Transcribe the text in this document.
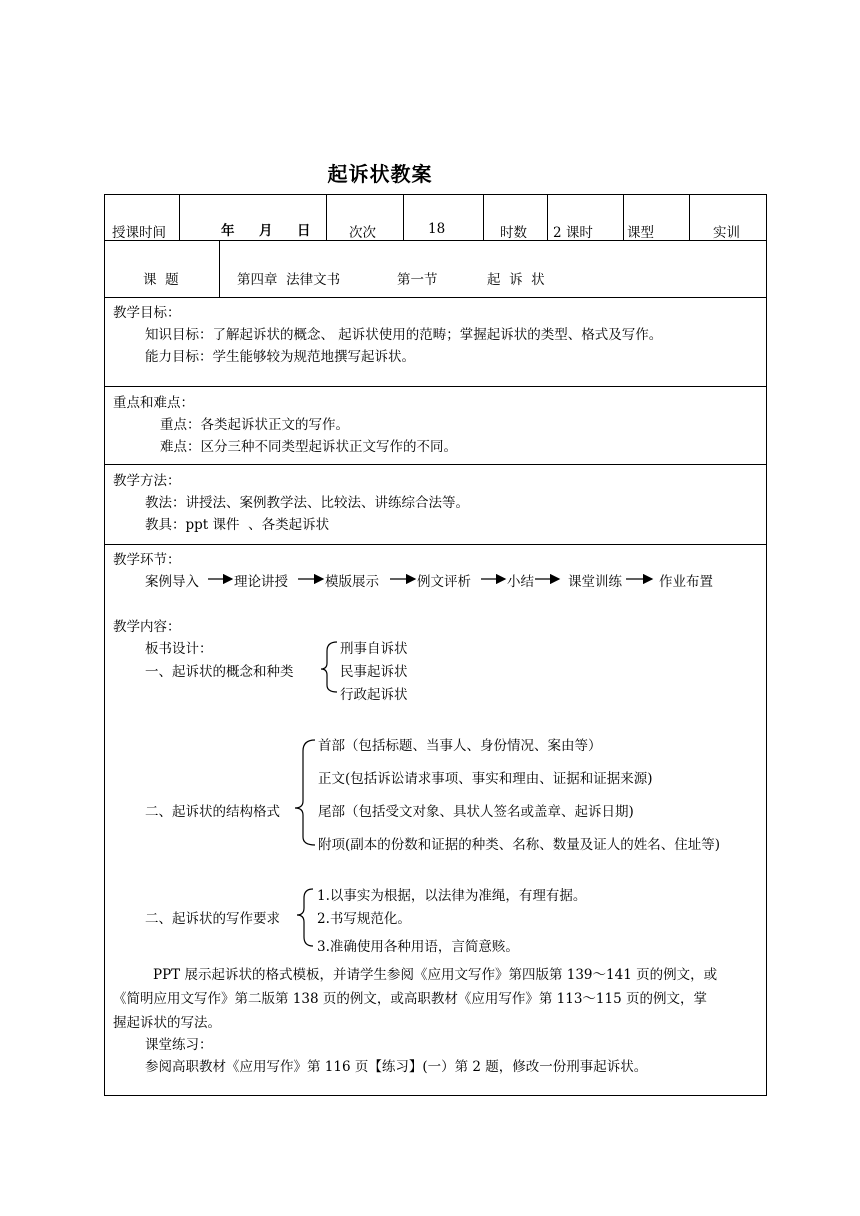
起诉状教案
授课时间	年 月 日	次次	18	时数 2 课时	课型	实训
课  题	第四章  法律文书	第一节	起  诉  状
教学目标：
知识目标：了解起诉状的概念、 起诉状使用的范畴；掌握起诉状的类型、格式及写作。
能力目标：学生能够较为规范地撰写起诉状。
重点和难点：
重点：各类起诉状正文的写作。
难点：区分三种不同类型起诉状正文写作的不同。
教学方法：
教法：讲授法、案例教学法、比较法、讲练综合法等。
教具：ppt 课件  、各类起诉状
教学环节：
案例导入	理论讲授	模版展示	例文评析	小结	课堂训练	作业布置
教学内容：
板书设计：
一、起诉状的概念和种类
刑事自诉状
民事起诉状
行政起诉状
二、起诉状的结构格式
首部（包括标题、当事人、身份情况、案由等）
正文(包括诉讼请求事项、事实和理由、证据和证据来源)
尾部（包括受文对象、具状人签名或盖章、起诉日期)
附项(副本的份数和证据的种类、名称、数量及证人的姓名、住址等)
二、起诉状的写作要求
1.以事实为根据，以法律为准绳，有理有据。
2.书写规范化。
3.准确使用各种用语，言简意赅。
PPT 展示起诉状的格式模板，并请学生参阅《应用文写作》第四版第 139～141 页的例文，或
《简明应用文写作》第二版第 138 页的例文，或高职教材《应用写作》第 113～115 页的例文，掌
握起诉状的写法。
课堂练习：
参阅高职教材《应用写作》第 116 页【练习】(一）第 2 题，修改一份刑事起诉状。
